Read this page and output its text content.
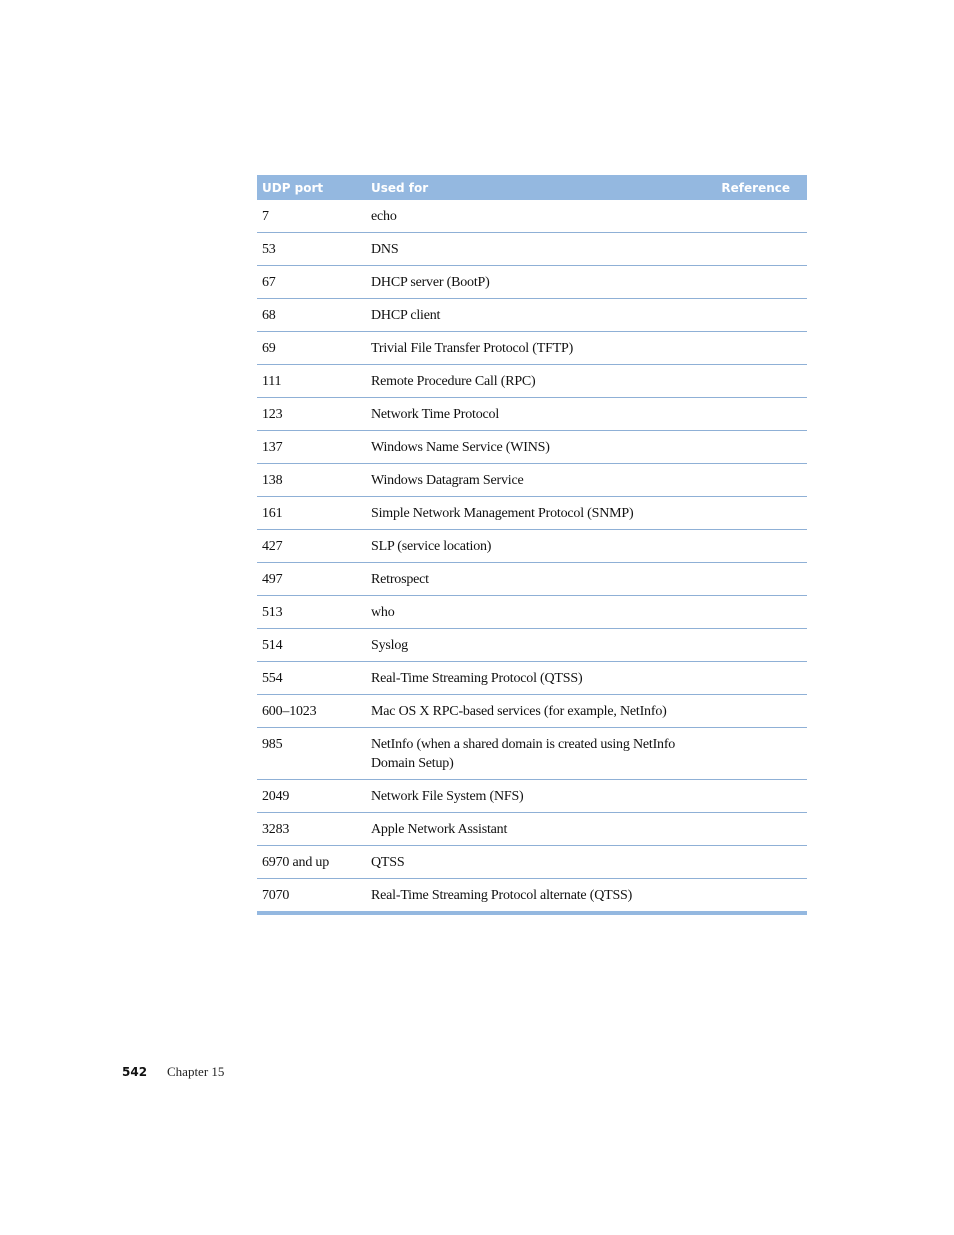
UDP port	Used for	Reference
7	echo	
53	DNS	
67	DHCP server (BootP)	
68	DHCP client	
69	Trivial File Transfer Protocol (TFTP)	
111	Remote Procedure Call (RPC)	
123	Network Time Protocol	
137	Windows Name Service (WINS)	
138	Windows Datagram Service	
161	Simple Network Management Protocol (SNMP)	
427	SLP (service location)	
497	Retrospect	
513	who	
514	Syslog	
554	Real-Time Streaming Protocol (QTSS)	
600–1023	Mac OS X RPC-based services (for example, NetInfo)	
985	NetInfo (when a shared domain is created using NetInfo Domain Setup)	
2049	Network File System (NFS)	
3283	Apple Network Assistant	
6970 and up	QTSS	
7070	Real-Time Streaming Protocol alternate (QTSS)	
542	Chapter 15
